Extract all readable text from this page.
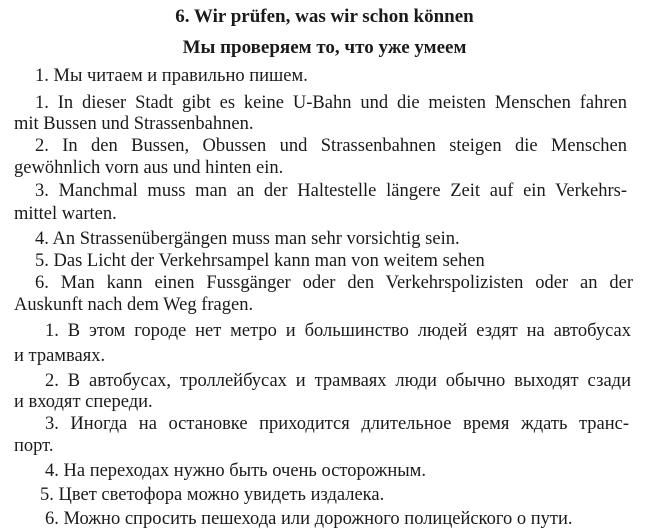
6. Wir prüfen, was wir schon können
Мы проверяем то, что уже умеем
1. Мы читаем и правильно пишем.
1. In dieser Stadt gibt es keine U-Bahn und die meisten Menschen fahren
mit Bussen und Strassenbahnen.
2. In den Bussen, Obussen und Strassenbahnen steigen die Menschen
gewöhnlich vorn aus und hinten ein.
3. Manchmal muss man an der Haltestelle längere Zeit auf ein Verkehrs-
mittel warten.
4. An Strassenübergängen muss man sehr vorsichtig sein.
5. Das Licht der Verkehrsampel kann man von weitem sehen
6. Man kann einen Fussgänger oder den Verkehrspolizisten oder an der
Auskunft nach dem Weg fragen.
1. В этом городе нет метро и большинство людей ездят на автобусах
и трамваях.
2. В автобусах, троллейбусах и трамваях люди обычно выходят сзади
и входят спереди.
3. Иногда на остановке приходится длительное время ждать транс-
порт.
4. На переходах нужно быть очень осторожным.
5. Цвет светофора можно увидеть издалека.
6. Можно спросить пешехода или дорожного полицейского о пути.
